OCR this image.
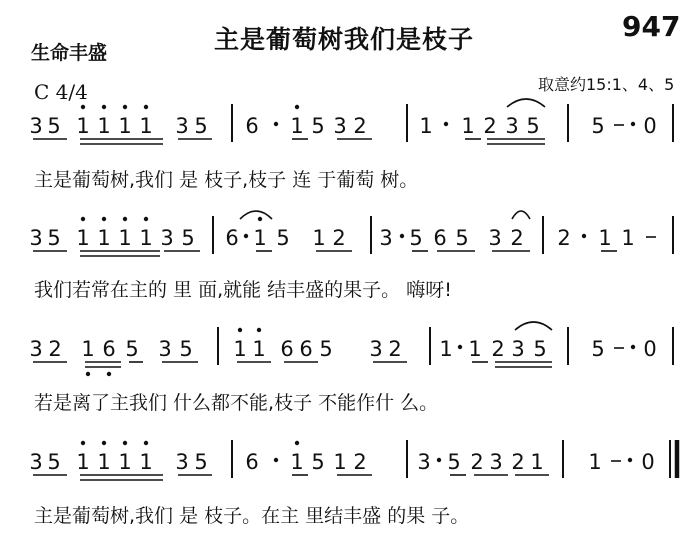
947
主是葡萄树我们是枝子
生命丰盛
C 4/4	取意约15:1、4、5
3 5 1 1 1 1 3 5 6 1 5 3 2	1 1 2 3 5 5 0
主是葡萄树,我们 是 枝子,枝子 连 于葡萄 树。
3 5 1 1 1 1 3 5 6 1 5 1 2 3 5 6 5 3 2 2 1 1
我们若常在主的 里 面,就能 结丰盛的果子。 嗨呀!
3 2 1 6 5 3 5 1 1 6 6 5 3 2 1 1 2 3 5 5 0
若是离了主我们 什么都不能,枝子 不能作什 么。
3 5 1 1 1 1 3 5 6 1 5 1 2 3 5 2 3 2 1 1 0
主是葡萄树,我们 是 枝子。在主 里结丰盛 的果 子。
